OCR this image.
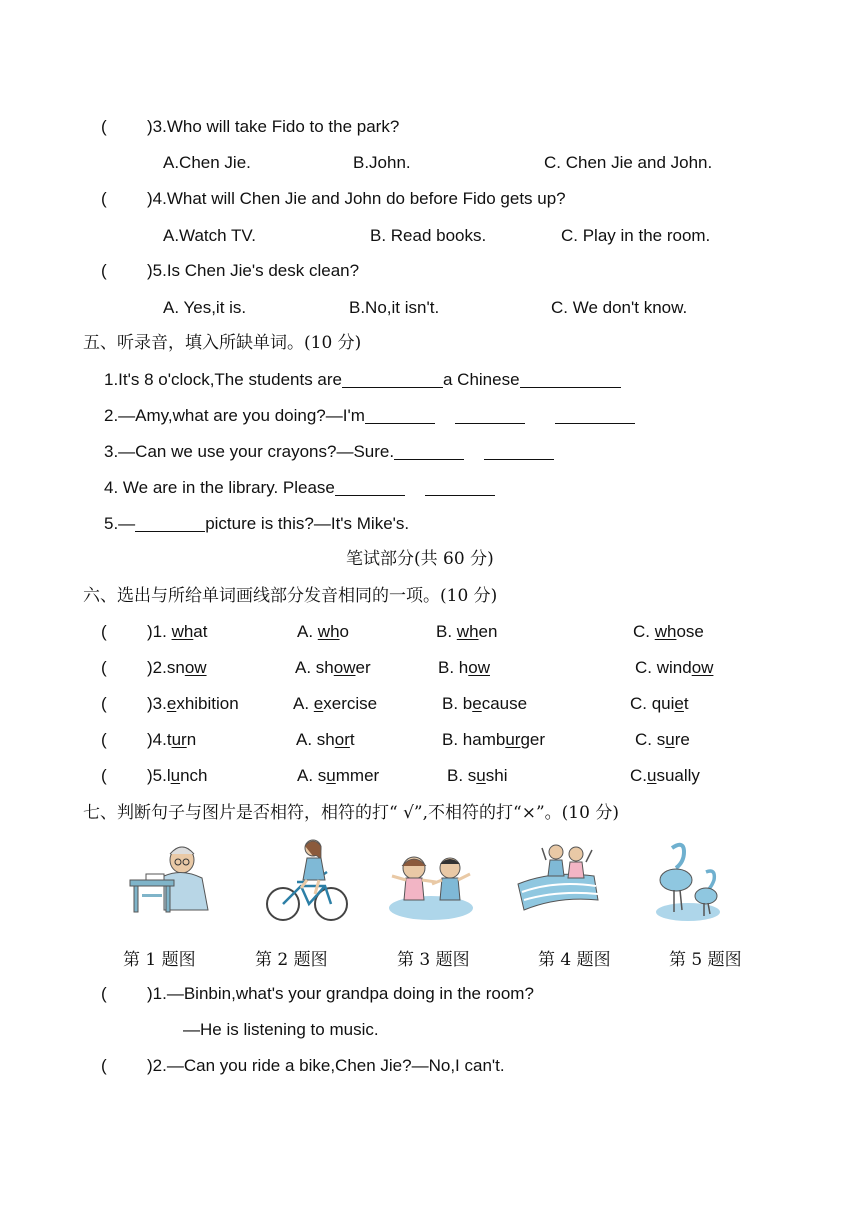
( )3.Who will take Fido to the park?
A.Chen Jie.	B.John.	C. Chen Jie and John.
( )4.What will Chen Jie and John do before Fido gets up?
A.Watch TV.	B. Read books.	C. Play in the room.
( )5.Is Chen Jie's desk clean?
A. Yes,it is.	B.No,it isn't.	C. We don't know.
五、听录音，填入所缺单词。(10 分)
1.It's 8 o'clock,The students are	a Chinese
2.—Amy,what are you doing?—I'm
3.—Can we use your crayons?—Sure.
4. We are in the library. Please
5.—	picture is this?—It's Mike's.
笔试部分(共 60 分)
六、选出与所给单词画线部分发音相同的一项。(10 分)
( )1. what	A. who	B. when	C. whose
( )2.snow	A. shower	B. how	C. window
( )3.exhibition	A. exercise	B. because	C. quiet
( )4.turn	A. short	B. hamburger	C. sure
( )5.lunch	A. summer	B. sushi	C.usually
七、判断句子与图片是否相符，相符的打“ √”,不相符的打“×”。(10 分)
第 1 题图	第 2 题图	第 3 题图	第 4 题图	第 5 题图
( )1.—Binbin,what's your grandpa doing in the room?
—He is listening to music.
( )2.—Can you ride a bike,Chen Jie?—No,I can't.
